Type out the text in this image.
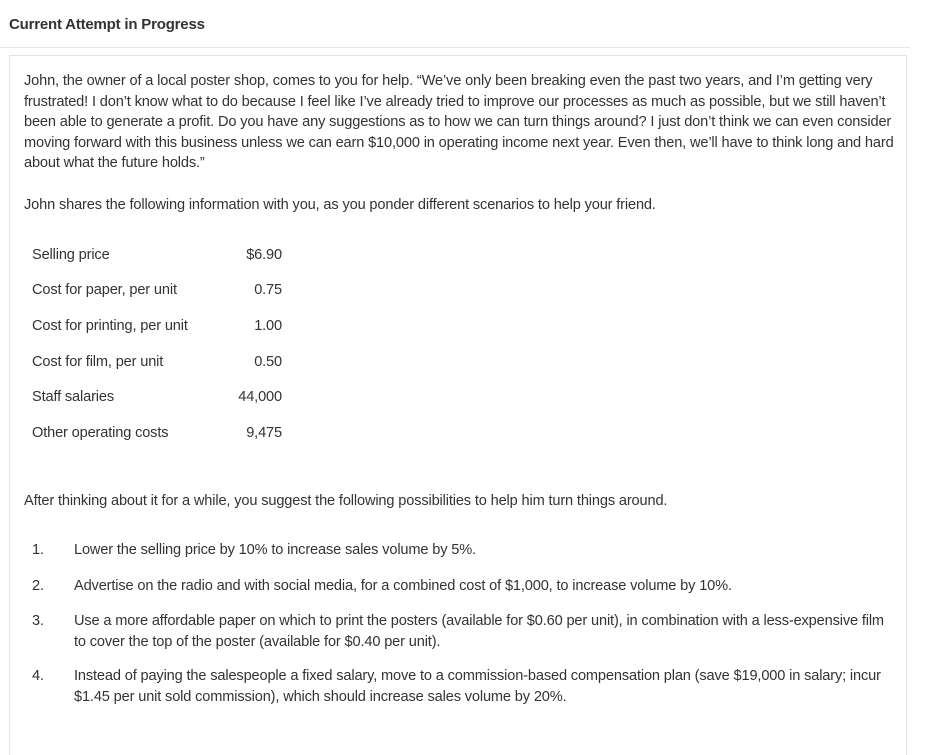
Current Attempt in Progress

John, the owner of a local poster shop, comes to you for help. “We’ve only been breaking even the past two years, and I’m getting very frustrated! I don’t know what to do because I feel like I’ve already tried to improve our processes as much as possible, but we still haven’t been able to generate a profit. Do you have any suggestions as to how we can turn things around? I just don’t think we can even consider moving forward with this business unless we can earn $10,000 in operating income next year. Even then, we’ll have to think long and hard about what the future holds.”

John shares the following information with you, as you ponder different scenarios to help your friend.

Selling price	$6.90
Cost for paper, per unit	0.75
Cost for printing, per unit	1.00
Cost for film, per unit	0.50
Staff salaries	44,000
Other operating costs	9,475

After thinking about it for a while, you suggest the following possibilities to help him turn things around.

1.	Lower the selling price by 10% to increase sales volume by 5%.
2.	Advertise on the radio and with social media, for a combined cost of $1,000, to increase volume by 10%.
3.	Use a more affordable paper on which to print the posters (available for $0.60 per unit), in combination with a less-expensive film to cover the top of the poster (available for $0.40 per unit).
4.	Instead of paying the salespeople a fixed salary, move to a commission-based compensation plan (save $19,000 in salary; incur $1.45 per unit sold commission), which should increase sales volume by 20%.
